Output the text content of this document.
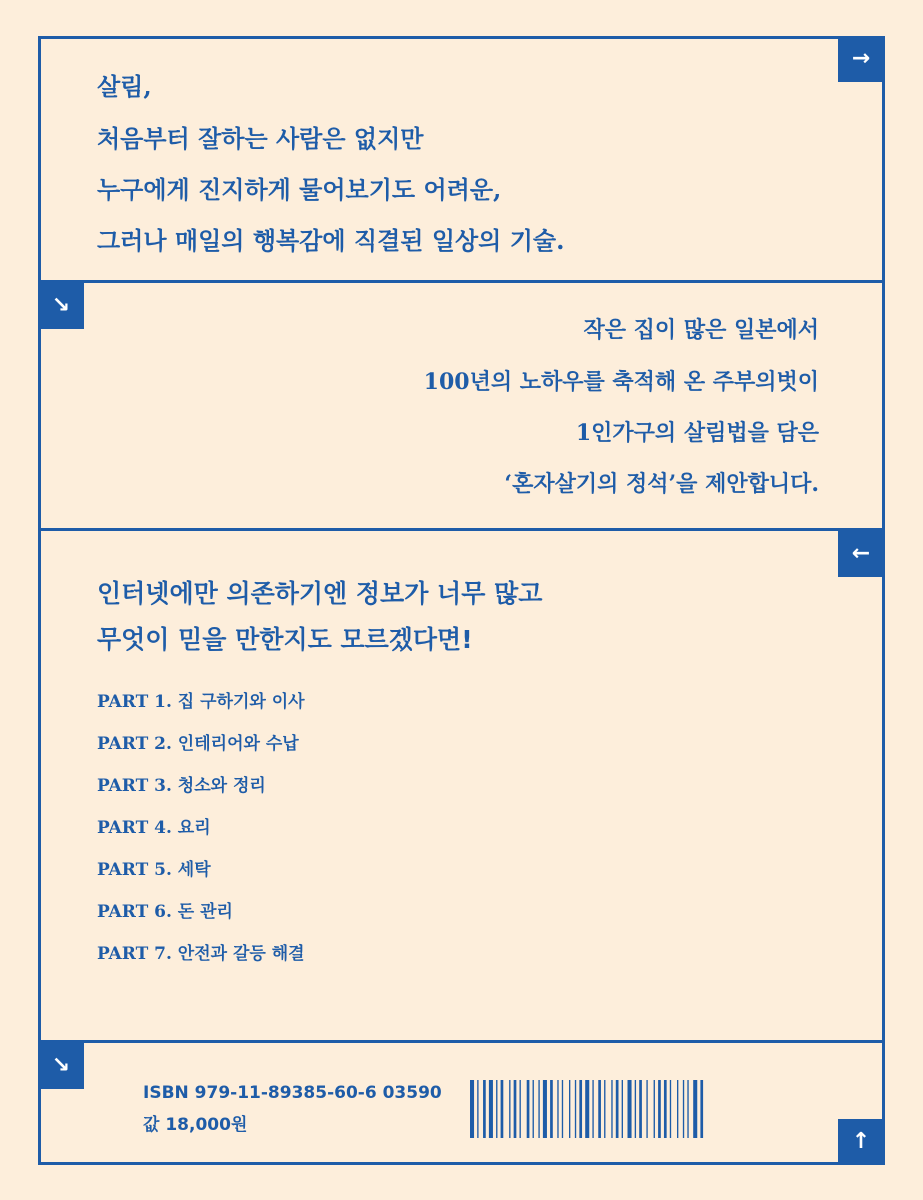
→
↘
←
↘
↑
살림,
처음부터 잘하는 사람은 없지만
누구에게 진지하게 물어보기도 어려운,
그러나 매일의 행복감에 직결된 일상의 기술.
작은 집이 많은 일본에서
100년의 노하우를 축적해 온 주부의벗이
1인가구의 살림법을 담은
‘혼자살기의 정석’을 제안합니다.
인터넷에만 의존하기엔 정보가 너무 많고
무엇이 믿을 만한지도 모르겠다면!
PART 1. 집 구하기와 이사
PART 2. 인테리어와 수납
PART 3. 청소와 정리
PART 4. 요리
PART 5. 세탁
PART 6. 돈 관리
PART 7. 안전과 갈등 해결
ISBN 979-11-89385-60-6 03590
값 18,000원
